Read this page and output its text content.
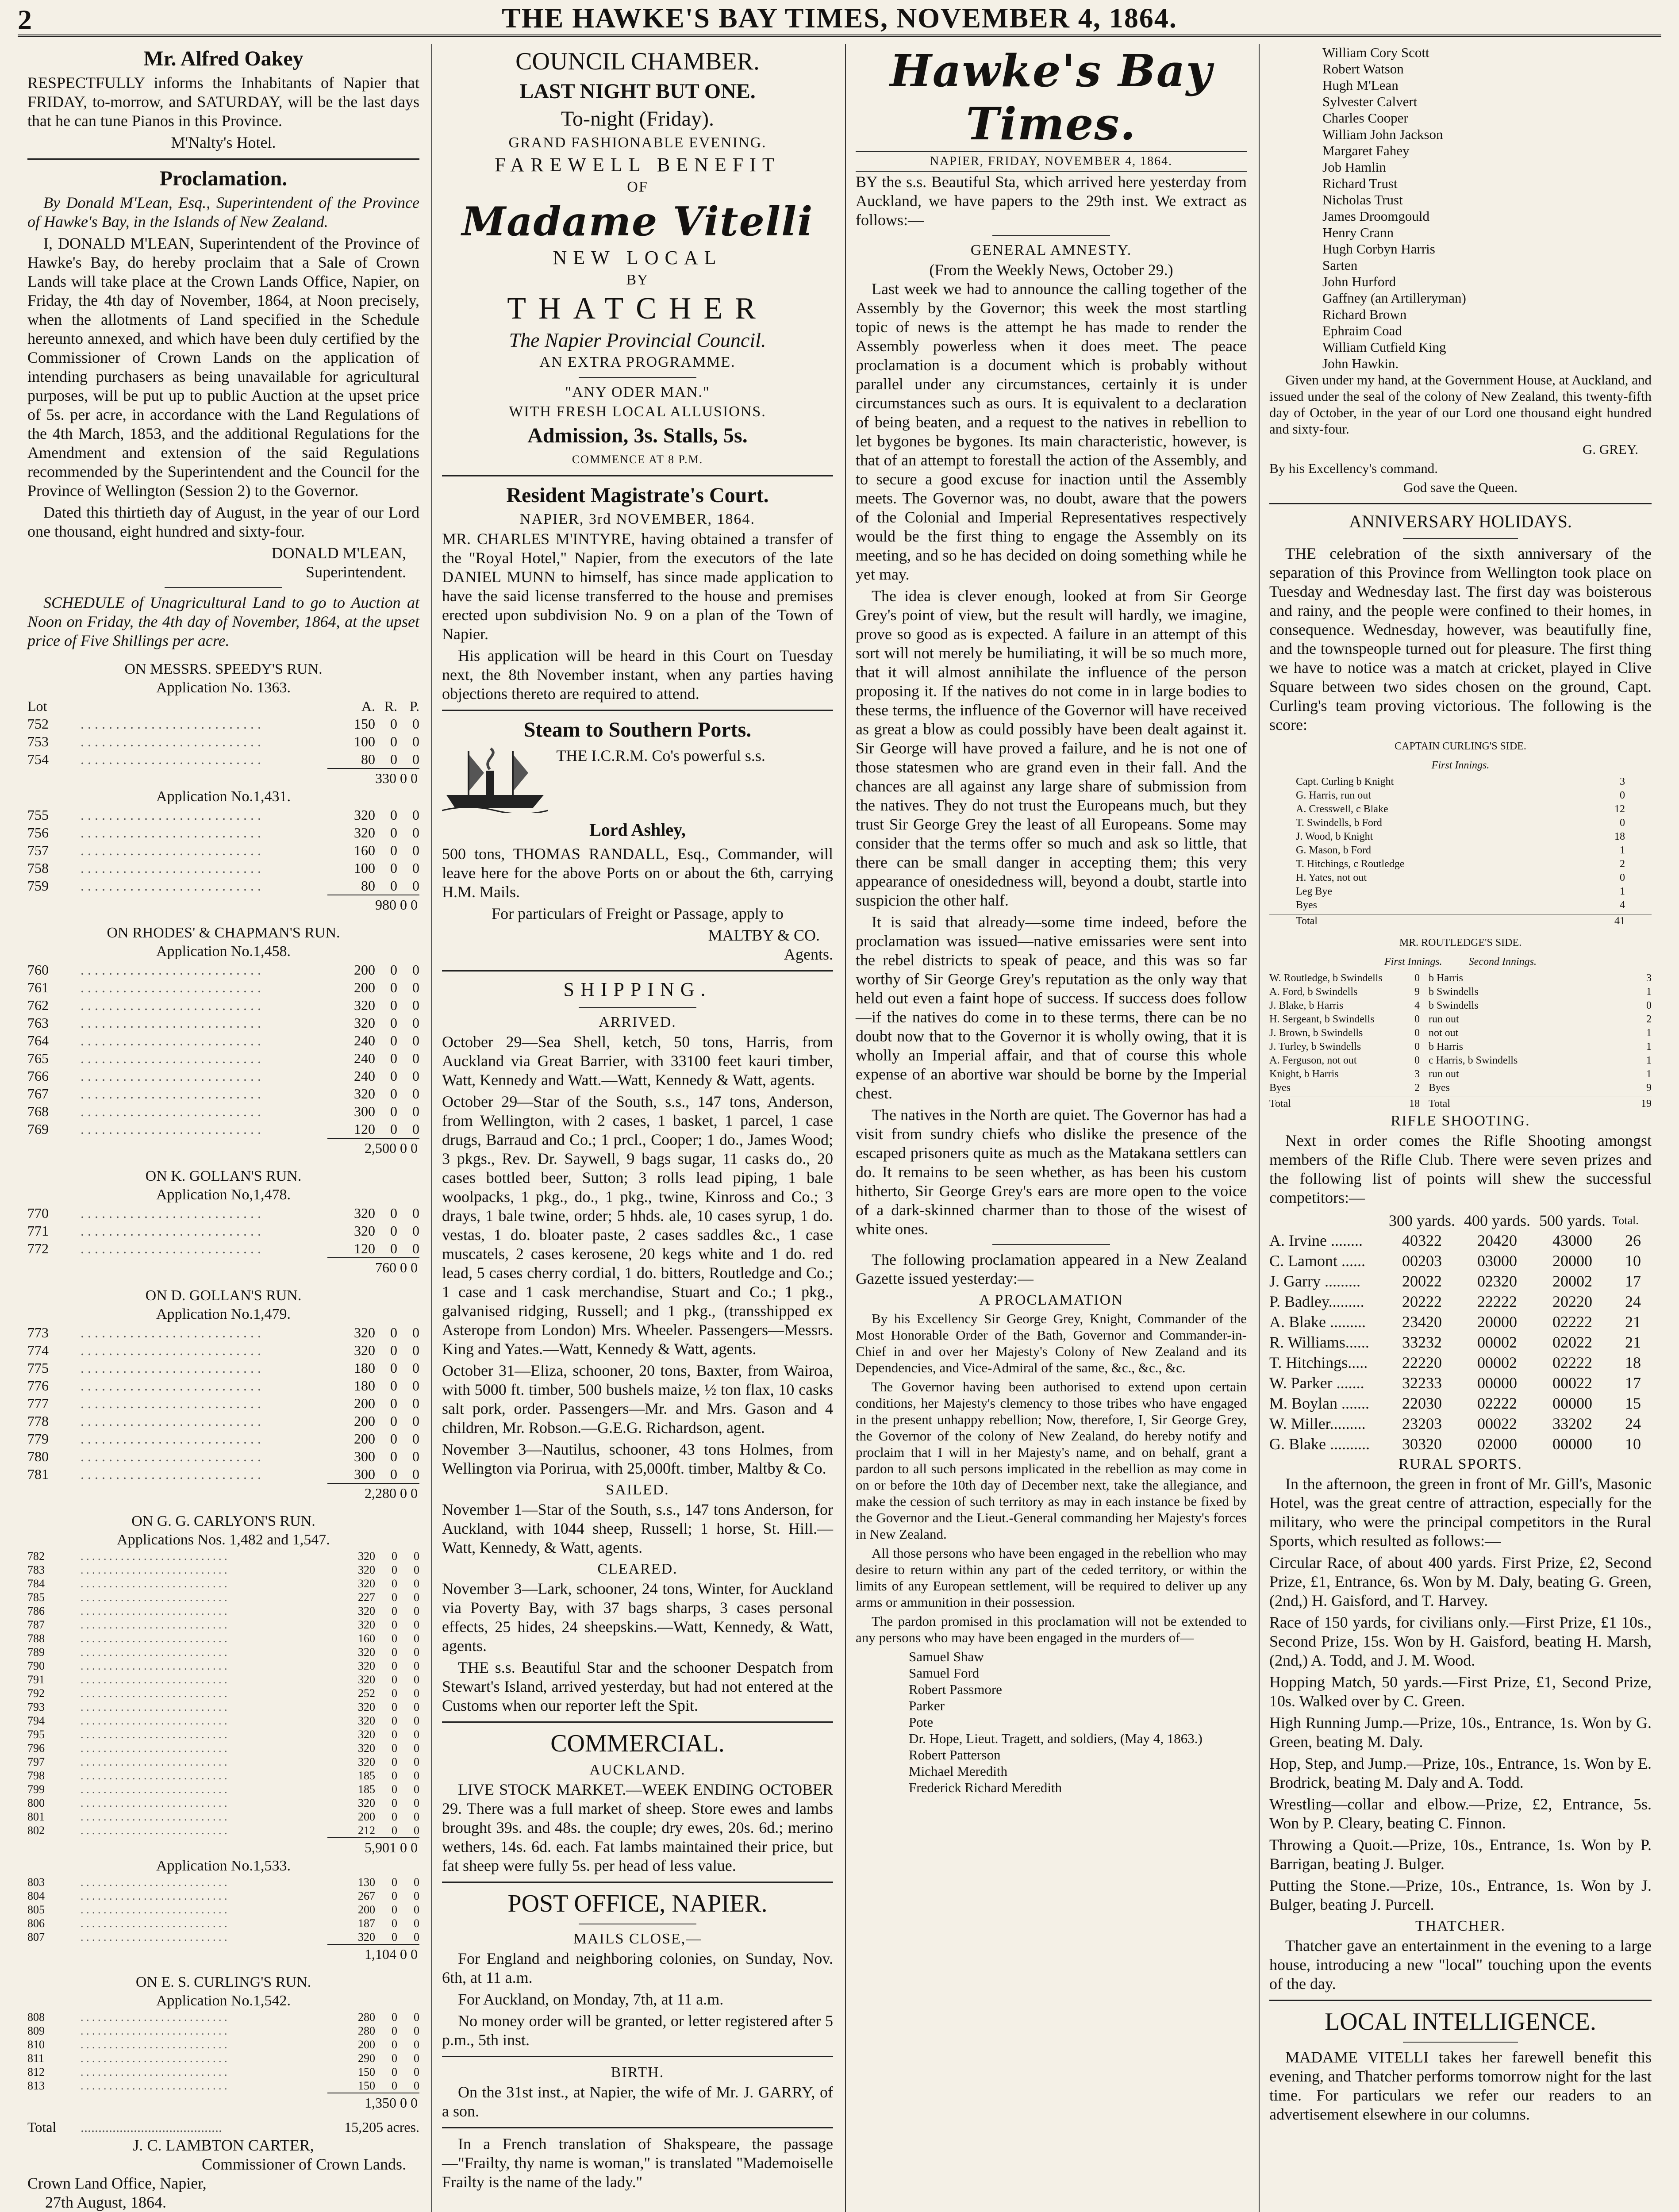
2	THE HAWKE'S BAY TIMES, NOVEMBER 4, 1864.
Mr. Alfred Oakey

RESPECTFULLY informs the Inhabitants of Napier that FRIDAY, to-morrow, and SATURDAY, will be the last days that he can tune Pianos in this Province.

M'Nalty's Hotel.

Proclamation.

By Donald M'Lean, Esq., Superintendent of the Province of Hawke's Bay, in the Islands of New Zealand.

I, DONALD M'LEAN, Superintendent of the Province of Hawke's Bay, do hereby proclaim that a Sale of Crown Lands will take place at the Crown Lands Office, Napier, on Friday, the 4th day of November, 1864, at Noon precisely, when the allotments of Land specified in the Schedule hereunto annexed, and which have been duly certified by the Commissioner of Crown Lands on the application of intending purchasers as being unavailable for agricultural purposes, will be put up to public Auction at the upset price of 5s. per acre, in accordance with the Land Regulations of the 4th March, 1853, and the additional Regulations for the Amendment and extension of the said Regulations recommended by the Superintendent and the Council for the Province of Wellington (Session 2) to the Governor.

Dated this thirtieth day of August, in the year of our Lord one thousand, eight hundred and sixty-four.

DONALD M'LEAN,
Superintendent.

SCHEDULE of Unagricultural Land to go to Auction at Noon on Friday, the 4th day of November, 1864, at the upset price of Five Shillings per acre.

ON MESSRS. SPEEDY'S RUN.
Application No. 1363.
Lot	A. R. P.
752	. . . . . . . . . . . . . . . . . . . . . . . . . .	150	0	0
753	. . . . . . . . . . . . . . . . . . . . . . . . . .	100	0	0
754	. . . . . . . . . . . . . . . . . . . . . . . . . .	80	0	0
330 0 0
Application No.1,431.
755	. . . . . . . . . . . . . . . . . . . . . . . . . .	320	0	0
756	. . . . . . . . . . . . . . . . . . . . . . . . . .	320	0	0
757	. . . . . . . . . . . . . . . . . . . . . . . . . .	160	0	0
758	. . . . . . . . . . . . . . . . . . . . . . . . . .	100	0	0
759	. . . . . . . . . . . . . . . . . . . . . . . . . .	80	0	0
980 0 0
ON RHODES' & CHAPMAN'S RUN.
Application No.1,458.
760	. . . . . . . . . . . . . . . . . . . . . . . . . .	200	0	0
761	. . . . . . . . . . . . . . . . . . . . . . . . . .	200	0	0
762	. . . . . . . . . . . . . . . . . . . . . . . . . .	320	0	0
763	. . . . . . . . . . . . . . . . . . . . . . . . . .	320	0	0
764	. . . . . . . . . . . . . . . . . . . . . . . . . .	240	0	0
765	. . . . . . . . . . . . . . . . . . . . . . . . . .	240	0	0
766	. . . . . . . . . . . . . . . . . . . . . . . . . .	240	0	0
767	. . . . . . . . . . . . . . . . . . . . . . . . . .	320	0	0
768	. . . . . . . . . . . . . . . . . . . . . . . . . .	300	0	0
769	. . . . . . . . . . . . . . . . . . . . . . . . . .	120	0	0
2,500 0 0
ON K. GOLLAN'S RUN.
Application No,1,478.
770	. . . . . . . . . . . . . . . . . . . . . . . . . .	320	0	0
771	. . . . . . . . . . . . . . . . . . . . . . . . . .	320	0	0
772	. . . . . . . . . . . . . . . . . . . . . . . . . .	120	0	0
760 0 0
ON D. GOLLAN'S RUN.
Application No.1,479.
773	. . . . . . . . . . . . . . . . . . . . . . . . . .	320	0	0
774	. . . . . . . . . . . . . . . . . . . . . . . . . .	320	0	0
775	. . . . . . . . . . . . . . . . . . . . . . . . . .	180	0	0
776	. . . . . . . . . . . . . . . . . . . . . . . . . .	180	0	0
777	. . . . . . . . . . . . . . . . . . . . . . . . . .	200	0	0
778	. . . . . . . . . . . . . . . . . . . . . . . . . .	200	0	0
779	. . . . . . . . . . . . . . . . . . . . . . . . . .	200	0	0
780	. . . . . . . . . . . . . . . . . . . . . . . . . .	300	0	0
781	. . . . . . . . . . . . . . . . . . . . . . . . . .	300	0	0
2,280 0 0
ON G. G. CARLYON'S RUN.
Applications Nos. 1,482 and 1,547.
782	. . . . . . . . . . . . . . . . . . . . . . . . . .	320	0	0
783	. . . . . . . . . . . . . . . . . . . . . . . . . .	320	0	0
784	. . . . . . . . . . . . . . . . . . . . . . . . . .	320	0	0
785	. . . . . . . . . . . . . . . . . . . . . . . . . .	227	0	0
786	. . . . . . . . . . . . . . . . . . . . . . . . . .	320	0	0
787	. . . . . . . . . . . . . . . . . . . . . . . . . .	320	0	0
788	. . . . . . . . . . . . . . . . . . . . . . . . . .	160	0	0
789	. . . . . . . . . . . . . . . . . . . . . . . . . .	320	0	0
790	. . . . . . . . . . . . . . . . . . . . . . . . . .	320	0	0
791	. . . . . . . . . . . . . . . . . . . . . . . . . .	320	0	0
792	. . . . . . . . . . . . . . . . . . . . . . . . . .	252	0	0
793	. . . . . . . . . . . . . . . . . . . . . . . . . .	320	0	0
794	. . . . . . . . . . . . . . . . . . . . . . . . . .	320	0	0
795	. . . . . . . . . . . . . . . . . . . . . . . . . .	320	0	0
796	. . . . . . . . . . . . . . . . . . . . . . . . . .	320	0	0
797	. . . . . . . . . . . . . . . . . . . . . . . . . .	320	0	0
798	. . . . . . . . . . . . . . . . . . . . . . . . . .	185	0	0
799	. . . . . . . . . . . . . . . . . . . . . . . . . .	185	0	0
800	. . . . . . . . . . . . . . . . . . . . . . . . . .	320	0	0
801	. . . . . . . . . . . . . . . . . . . . . . . . . .	200	0	0
802	. . . . . . . . . . . . . . . . . . . . . . . . . .	212	0	0
5,901 0 0
Application No.1,533.
803	. . . . . . . . . . . . . . . . . . . . . . . . . .	130	0	0
804	. . . . . . . . . . . . . . . . . . . . . . . . . .	267	0	0
805	. . . . . . . . . . . . . . . . . . . . . . . . . .	200	0	0
806	. . . . . . . . . . . . . . . . . . . . . . . . . .	187	0	0
807	. . . . . . . . . . . . . . . . . . . . . . . . . .	320	0	0
1,104 0 0
ON E. S. CURLING'S RUN.
Application No.1,542.
808	. . . . . . . . . . . . . . . . . . . . . . . . . .	280	0	0
809	. . . . . . . . . . . . . . . . . . . . . . . . . .	280	0	0
810	. . . . . . . . . . . . . . . . . . . . . . . . . .	200	0	0
811	. . . . . . . . . . . . . . . . . . . . . . . . . .	290	0	0
812	. . . . . . . . . . . . . . . . . . . . . . . . . .	150	0	0
813	. . . . . . . . . . . . . . . . . . . . . . . . . .	150	0	0
1,350 0 0
Total	........................................	15,205 acres.
J. C. LAMBTON CARTER,
Commissioner of Crown Lands.
Crown Land Office, Napier,
27th August, 1864.
COUNCIL CHAMBER.
LAST NIGHT BUT ONE.
To-night (Friday).
GRAND FASHIONABLE EVENING.
FAREWELL BENEFIT
OF
Madame Vitelli
NEW LOCAL
BY
THATCHER
The Napier Provincial Council.
AN EXTRA PROGRAMME.
"ANY ODER MAN."
WITH FRESH LOCAL ALLUSIONS.
Admission, 3s. Stalls, 5s.
COMMENCE AT 8 P.M.
Resident Magistrate's Court.
NAPIER, 3rd NOVEMBER, 1864.

MR. CHARLES M'INTYRE, having obtained a transfer of the "Royal Hotel," Napier, from the executors of the late DANIEL MUNN to himself, has since made application to have the said license transferred to the house and premises erected upon subdivision No. 9 on a plan of the Town of Napier.

His application will be heard in this Court on Tuesday next, the 8th November instant, when any parties having objections thereto are required to attend.

Steam to Southern Ports.
THE I.C.R.M. Co's powerful s.s.
Lord Ashley,

500 tons, THOMAS RANDALL, Esq., Commander, will leave here for the above Ports on or about the 6th, carrying H.M. Mails.

For particulars of Freight or Passage, apply to

MALTBY & CO.
Agents.
SHIPPING.
ARRIVED.

October 29—Sea Shell, ketch, 50 tons, Harris, from Auckland via Great Barrier, with 33100 feet kauri timber, Watt, Kennedy and Watt.—Watt, Kennedy & Watt, agents.

October 29—Star of the South, s.s., 147 tons, Anderson, from Wellington, with 2 cases, 1 basket, 1 parcel, 1 case drugs, Barraud and Co.; 1 prcl., Cooper; 1 do., James Wood; 3 pkgs., Rev. Dr. Saywell, 9 bags sugar, 11 casks do., 20 cases bottled beer, Sutton; 3 rolls lead piping, 1 bale woolpacks, 1 pkg., do., 1 pkg., twine, Kinross and Co.; 3 drays, 1 bale twine, order; 5 hhds. ale, 10 cases syrup, 1 do. vestas, 1 do. bloater paste, 2 cases saddles &c., 1 case muscatels, 2 cases kerosene, 20 kegs white and 1 do. red lead, 5 cases cherry cordial, 1 do. bitters, Routledge and Co.; 1 case and 1 cask merchandise, Stuart and Co.; 1 pkg., galvanised ridging, Russell; and 1 pkg., (transshipped ex Asterope from London) Mrs. Wheeler. Passengers—Messrs. King and Yates.—Watt, Kennedy & Watt, agents.

October 31—Eliza, schooner, 20 tons, Baxter, from Wairoa, with 5000 ft. timber, 500 bushels maize, ½ ton flax, 10 casks salt pork, order. Passengers—Mr. and Mrs. Gason and 4 children, Mr. Robson.—G.E.G. Richardson, agent.

November 3—Nautilus, schooner, 43 tons Holmes, from Wellington via Porirua, with 25,000ft. timber, Maltby & Co.

SAILED.

November 1—Star of the South, s.s., 147 tons Anderson, for Auckland, with 1044 sheep, Russell; 1 horse, St. Hill.—Watt, Kennedy, & Watt, agents.

CLEARED.

November 3—Lark, schooner, 24 tons, Winter, for Auckland via Poverty Bay, with 37 bags sharps, 3 cases personal effects, 25 hides, 24 sheepskins.—Watt, Kennedy, & Watt, agents.

THE s.s. Beautiful Star and the schooner Despatch from Stewart's Island, arrived yesterday, but had not entered at the Customs when our reporter left the Spit.

COMMERCIAL.
AUCKLAND.

LIVE STOCK MARKET.—WEEK ENDING OCTOBER 29. There was a full market of sheep. Store ewes and lambs brought 39s. and 48s. the couple; dry ewes, 20s. 6d.; merino wethers, 14s. 6d. each. Fat lambs maintained their price, but fat sheep were fully 5s. per head of less value.

POST OFFICE, NAPIER.
MAILS CLOSE,—

For England and neighboring colonies, on Sunday, Nov. 6th, at 11 a.m.

For Auckland, on Monday, 7th, at 11 a.m.

No money order will be granted, or letter registered after 5 p.m., 5th inst.

BIRTH.

On the 31st inst., at Napier, the wife of Mr. J. GARRY, of a son.

In a French translation of Shakspeare, the passage—"Frailty, thy name is woman," is translated "Mademoiselle Frailty is the name of the lady."

Hawke's Bay Times.
NAPIER, FRIDAY, NOVEMBER 4, 1864.

BY the s.s. Beautiful Sta, which arrived here yesterday from Auckland, we have papers to the 29th inst. We extract as follows:—

GENERAL AMNESTY.
(From the Weekly News, October 29.)

Last week we had to announce the calling together of the Assembly by the Governor; this week the most startling topic of news is the attempt he has made to render the Assembly powerless when it does meet. The peace proclamation is a document which is probably without parallel under any circumstances, certainly it is under circumstances such as ours. It is equivalent to a declaration of being beaten, and a request to the natives in rebellion to let bygones be bygones. Its main characteristic, however, is that of an attempt to forestall the action of the Assembly, and to secure a good excuse for inaction until the Assembly meets. The Governor was, no doubt, aware that the powers of the Colonial and Imperial Representatives respectively would be the first thing to engage the Assembly on its meeting, and so he has decided on doing something while he yet may.

The idea is clever enough, looked at from Sir George Grey's point of view, but the result will hardly, we imagine, prove so good as is expected. A failure in an attempt of this sort will not merely be humiliating, it will be so much more, that it will almost annihilate the influence of the person proposing it. If the natives do not come in in large bodies to these terms, the influence of the Governor will have received as great a blow as could possibly have been dealt against it. Sir George will have proved a failure, and he is not one of those statesmen who are grand even in their fall. And the chances are all against any large share of submission from the natives. They do not trust the Europeans much, but they trust Sir George Grey the least of all Europeans. Some may consider that the terms offer so much and ask so little, that there can be small danger in accepting them; this very appearance of onesidedness will, beyond a doubt, startle into suspicion the other half.

It is said that already—some time indeed, before the proclamation was issued—native emissaries were sent into the rebel districts to speak of peace, and this was so far worthy of Sir George Grey's reputation as the only way that held out even a faint hope of success. If success does follow—if the natives do come in to these terms, there can be no doubt now that to the Governor it is wholly owing, that it is wholly an Imperial affair, and that of course this whole expense of an abortive war should be borne by the Imperial chest.

The natives in the North are quiet. The Governor has had a visit from sundry chiefs who dislike the presence of the escaped prisoners quite as much as the Matakana settlers can do. It remains to be seen whether, as has been his custom hitherto, Sir George Grey's ears are more open to the voice of a dark-skinned charmer than to those of the wisest of white ones.

The following proclamation appeared in a New Zealand Gazette issued yesterday:—

A PROCLAMATION

By his Excellency Sir George Grey, Knight, Commander of the Most Honorable Order of the Bath, Governor and Commander-in-Chief in and over her Majesty's Colony of New Zealand and its Dependencies, and Vice-Admiral of the same, &c., &c., &c.

The Governor having been authorised to extend upon certain conditions, her Majesty's clemency to those tribes who have engaged in the present unhappy rebellion; Now, therefore, I, Sir George Grey, the Governor of the colony of New Zealand, do hereby notify and proclaim that I will in her Majesty's name, and on behalf, grant a pardon to all such persons implicated in the rebellion as may come in on or before the 10th day of December next, take the allegiance, and make the cession of such territory as may in each instance be fixed by the Governor and the Lieut.-General commanding her Majesty's forces in New Zealand.

All those persons who have been engaged in the rebellion who may desire to return within any part of the ceded territory, or within the limits of any European settlement, will be required to deliver up any arms or ammunition in their possession.

The pardon promised in this proclamation will not be extended to any persons who may have been engaged in the murders of—

Samuel Shaw
Samuel Ford
Robert Passmore
Parker
Pote
Dr. Hope, Lieut. Tragett, and soldiers, (May 4, 1863.)
Robert Patterson
Michael Meredith
Frederick Richard Meredith
William Cory Scott
Robert Watson
Hugh M'Lean
Sylvester Calvert
Charles Cooper
William John Jackson
Margaret Fahey
Job Hamlin
Richard Trust
Nicholas Trust
James Droomgould
Henry Crann
Hugh Corbyn Harris
Sarten
John Hurford
Gaffney (an Artilleryman)
Richard Brown
Ephraim Coad
William Cutfield King
John Hawkin.

Given under my hand, at the Government House, at Auckland, and issued under the seal of the colony of New Zealand, this twenty-fifth day of October, in the year of our Lord one thousand eight hundred and sixty-four.

G. GREY.
By his Excellency's command.
God save the Queen.
ANNIVERSARY HOLIDAYS.

THE celebration of the sixth anniversary of the separation of this Province from Wellington took place on Tuesday and Wednesday last. The first day was boisterous and rainy, and the people were confined to their homes, in consequence. Wednesday, however, was beautifully fine, and the townspeople turned out for pleasure. The first thing we have to notice was a match at cricket, played in Clive Square between two sides chosen on the ground, Capt. Curling's team proving victorious. The following is the score:

CAPTAIN CURLING'S SIDE.
First Innings.
Capt. Curling b Knight	3
G. Harris, run out	0
A. Cresswell, c Blake	12
T. Swindells, b Ford	0
J. Wood, b Knight	18
G. Mason, b Ford	1
T. Hitchings, c Routledge	2
H. Yates, not out	0
Leg Bye	1
Byes	4
Total	41
MR. ROUTLEDGE'S SIDE.
First Innings.          Second Innings.
W. Routledge, b Swindells	0 b Harris	3
A. Ford, b Swindells	9 b Swindells	1
J. Blake, b Harris	4 b Swindells	0
H. Sergeant, b Swindells	0 run out	2
J. Brown, b Swindells	0 not out	1
J. Turley, b Swindells	0 b Harris	1
A. Ferguson, not out	0 c Harris, b Swindells	1
Knight, b Harris	3 run out	1
Byes	2 Byes	9
Total	18 Total	19
RIFLE SHOOTING.

Next in order comes the Rifle Shooting amongst members of the Rifle Club. There were seven prizes and the following list of points will shew the successful competitors:—

300 yards. 400 yards. 500 yards. Total.
A. Irvine ........	40322	20420	43000	26
C. Lamont ......	00203	03000	20000	10
J. Garry .........	20022	02320	20002	17
P. Badley.........	20222	22222	20220	24
A. Blake .........	23420	20000	02222	21
R. Williams......	33232	00002	02022	21
T. Hitchings.....	22220	00002	02222	18
W. Parker .......	32233	00000	00022	17
M. Boylan .......	22030	02222	00000	15
W. Miller.........	23203	00022	33202	24
G. Blake ..........	30320	02000	00000	10
RURAL SPORTS.

In the afternoon, the green in front of Mr. Gill's, Masonic Hotel, was the great centre of attraction, especially for the military, who were the principal competitors in the Rural Sports, which resulted as follows:—

Circular Race, of about 400 yards. First Prize, £2, Second Prize, £1, Entrance, 6s. Won by M. Daly, beating G. Green, (2nd,) H. Gaisford, and T. Harvey.

Race of 150 yards, for civilians only.—First Prize, £1 10s., Second Prize, 15s. Won by H. Gaisford, beating H. Marsh, (2nd,) A. Todd, and J. M. Wood.

Hopping Match, 50 yards.—First Prize, £1, Second Prize, 10s. Walked over by C. Green.

High Running Jump.—Prize, 10s., Entrance, 1s. Won by G. Green, beating M. Daly.

Hop, Step, and Jump.—Prize, 10s., Entrance, 1s. Won by E. Brodrick, beating M. Daly and A. Todd.

Wrestling—collar and elbow.—Prize, £2, Entrance, 5s. Won by P. Cleary, beating C. Finnon.

Throwing a Quoit.—Prize, 10s., Entrance, 1s. Won by P. Barrigan, beating J. Bulger.

Putting the Stone.—Prize, 10s., Entrance, 1s. Won by J. Bulger, beating J. Purcell.

THATCHER.

Thatcher gave an entertainment in the evening to a large house, introducing a new "local" touching upon the events of the day.

LOCAL INTELLIGENCE.

MADAME VITELLI takes her farewell benefit this evening, and Thatcher performs tomorrow night for the last time. For particulars we refer our readers to an advertisement elsewhere in our columns.
